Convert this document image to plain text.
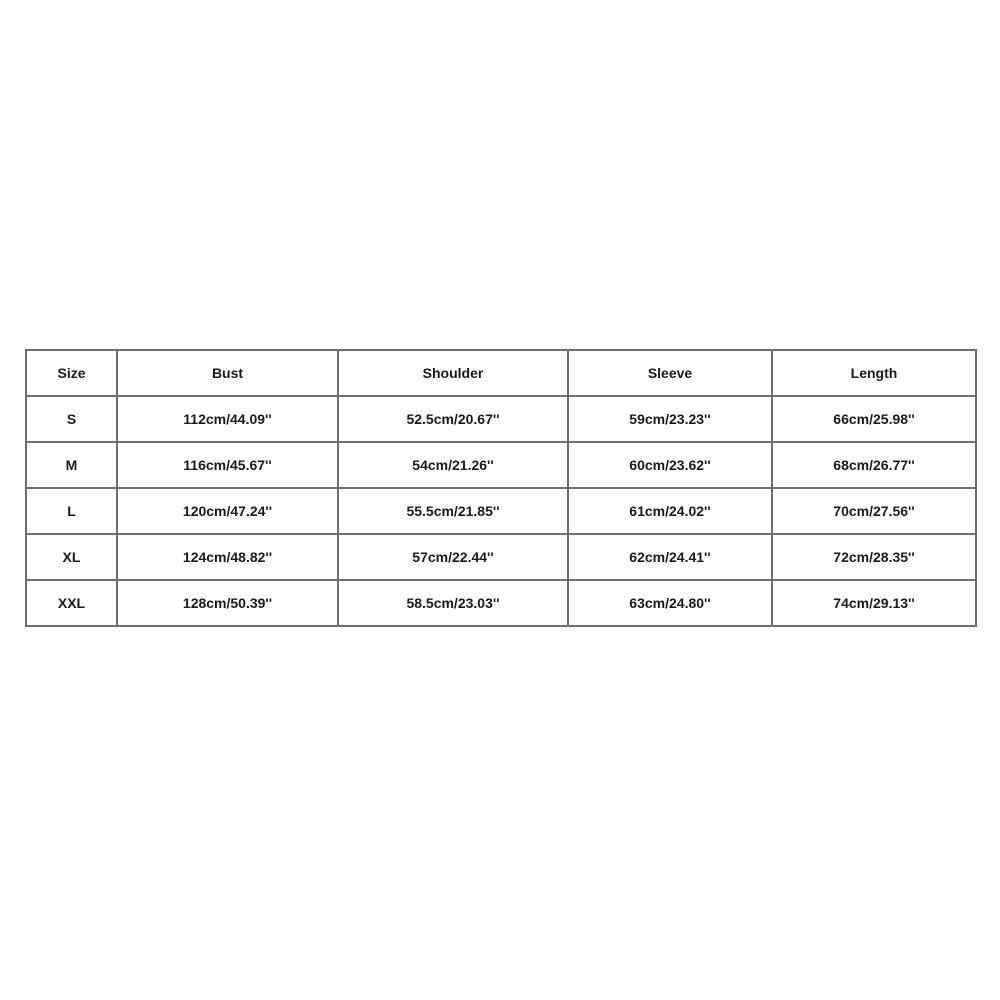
Size	Bust	Shoulder	Sleeve	Length
S	112cm/44.09''	52.5cm/20.67''	59cm/23.23''	66cm/25.98''
M	116cm/45.67''	54cm/21.26''	60cm/23.62''	68cm/26.77''
L	120cm/47.24''	55.5cm/21.85''	61cm/24.02''	70cm/27.56''
XL	124cm/48.82''	57cm/22.44''	62cm/24.41''	72cm/28.35''
XXL	128cm/50.39''	58.5cm/23.03''	63cm/24.80''	74cm/29.13''
